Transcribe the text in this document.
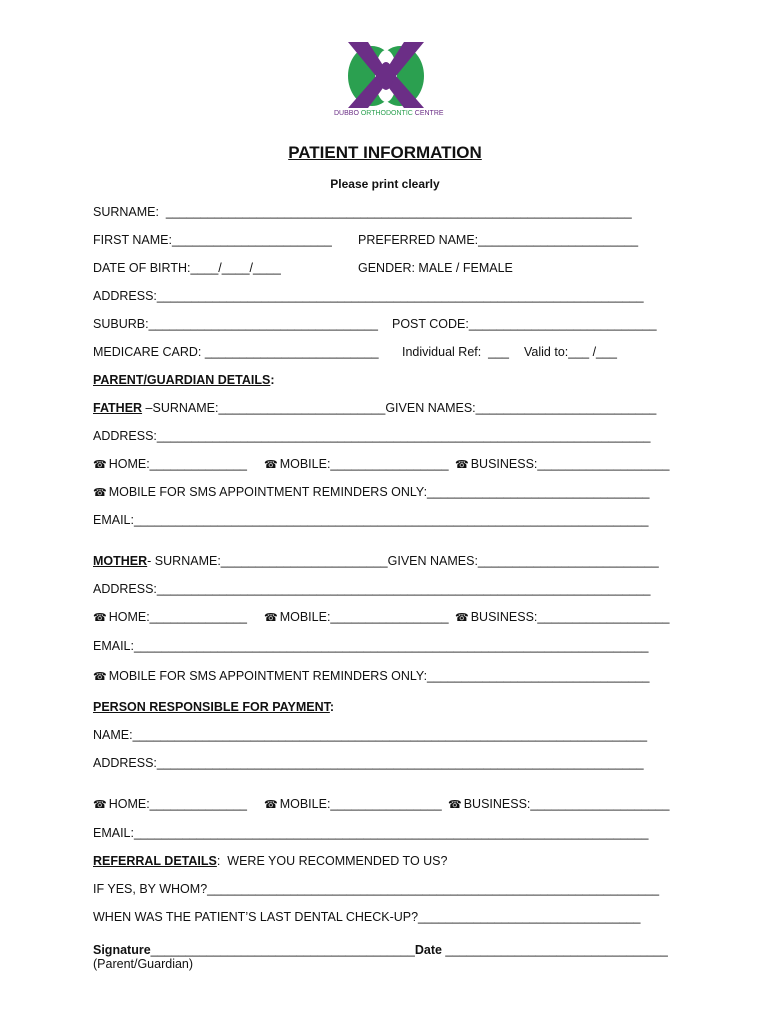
DUBBO ORTHODONTIC CENTRE
PATIENT INFORMATION
Please print clearly
SURNAME:  ___________________________________________________________________
FIRST NAME:_______________________ PREFERRED NAME:_______________________
DATE OF BIRTH:____/____/____	GENDER: MALE / FEMALE
ADDRESS:______________________________________________________________________
SUBURB:_________________________________ POST CODE:___________________________
MEDICARE CARD: _________________________ Individual Ref:  ___ Valid to:___ /___
PARENT/GUARDIAN DETAILS:
FATHER –SURNAME:________________________GIVEN NAMES:__________________________
ADDRESS:_______________________________________________________________________
☎ HOME:______________ ☎ MOBILE:_________________ ☎ BUSINESS:___________________
☎ MOBILE FOR SMS APPOINTMENT REMINDERS ONLY:________________________________
EMAIL:__________________________________________________________________________
MOTHER- SURNAME:________________________GIVEN NAMES:__________________________
ADDRESS:_______________________________________________________________________
☎ HOME:______________ ☎ MOBILE:_________________ ☎ BUSINESS:___________________
EMAIL:__________________________________________________________________________
☎ MOBILE FOR SMS APPOINTMENT REMINDERS ONLY:________________________________
PERSON RESPONSIBLE FOR PAYMENT:
NAME:__________________________________________________________________________
ADDRESS:______________________________________________________________________
☎ HOME:______________ ☎ MOBILE:________________ ☎ BUSINESS:____________________
EMAIL:__________________________________________________________________________
REFERRAL DETAILS:  WERE YOU RECOMMENDED TO US?
IF YES, BY WHOM?_________________________________________________________________
WHEN WAS THE PATIENT’S LAST DENTAL CHECK-UP?________________________________
Signature______________________________________Date ________________________________
(Parent/Guardian)
